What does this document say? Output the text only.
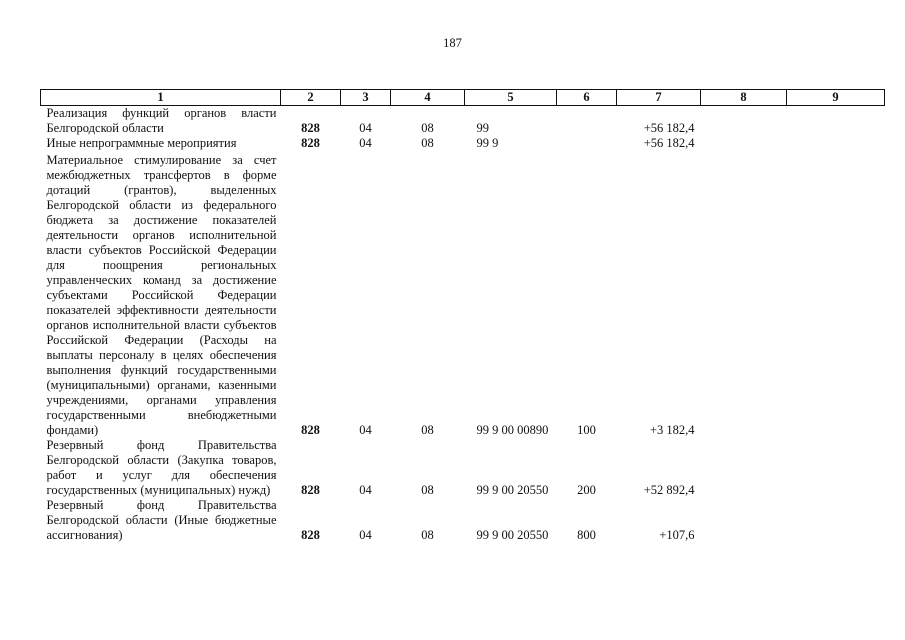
187
1	2	3	4	5	6	7	8	9
Реализация функций органов власти Белгородской области	828	04	08	99		+56 182,4		
Иные непрограммные мероприятия	828	04	08	99 9		+56 182,4		
Материальное стимулирование за счет межбюджетных трансфертов в форме дотаций (грантов), выделенных Белгородской области из федерального бюджета за достижение показателей деятельности органов исполнительной власти субъектов Российской Федерации для поощрения региональных управленческих команд за достижение субъектами Российской Федерации показателей эффективности деятельности органов исполнительной власти субъектов Российской Федерации (Расходы на выплаты персоналу в целях обеспечения выполнения функций государственными (муниципальными) органами, казенными учреждениями, органами управления государственными внебюджетными фондами)	828	04	08	99 9 00 00890	100	+3 182,4		
Резервный фонд Правительства Белгородской области (Закупка товаров, работ и услуг для обеспечения государственных (муниципальных) нужд)	828	04	08	99 9 00 20550	200	+52 892,4		
Резервный фонд Правительства Белгородской области (Иные бюджетные ассигнования)	828	04	08	99 9 00 20550	800	+107,6		
